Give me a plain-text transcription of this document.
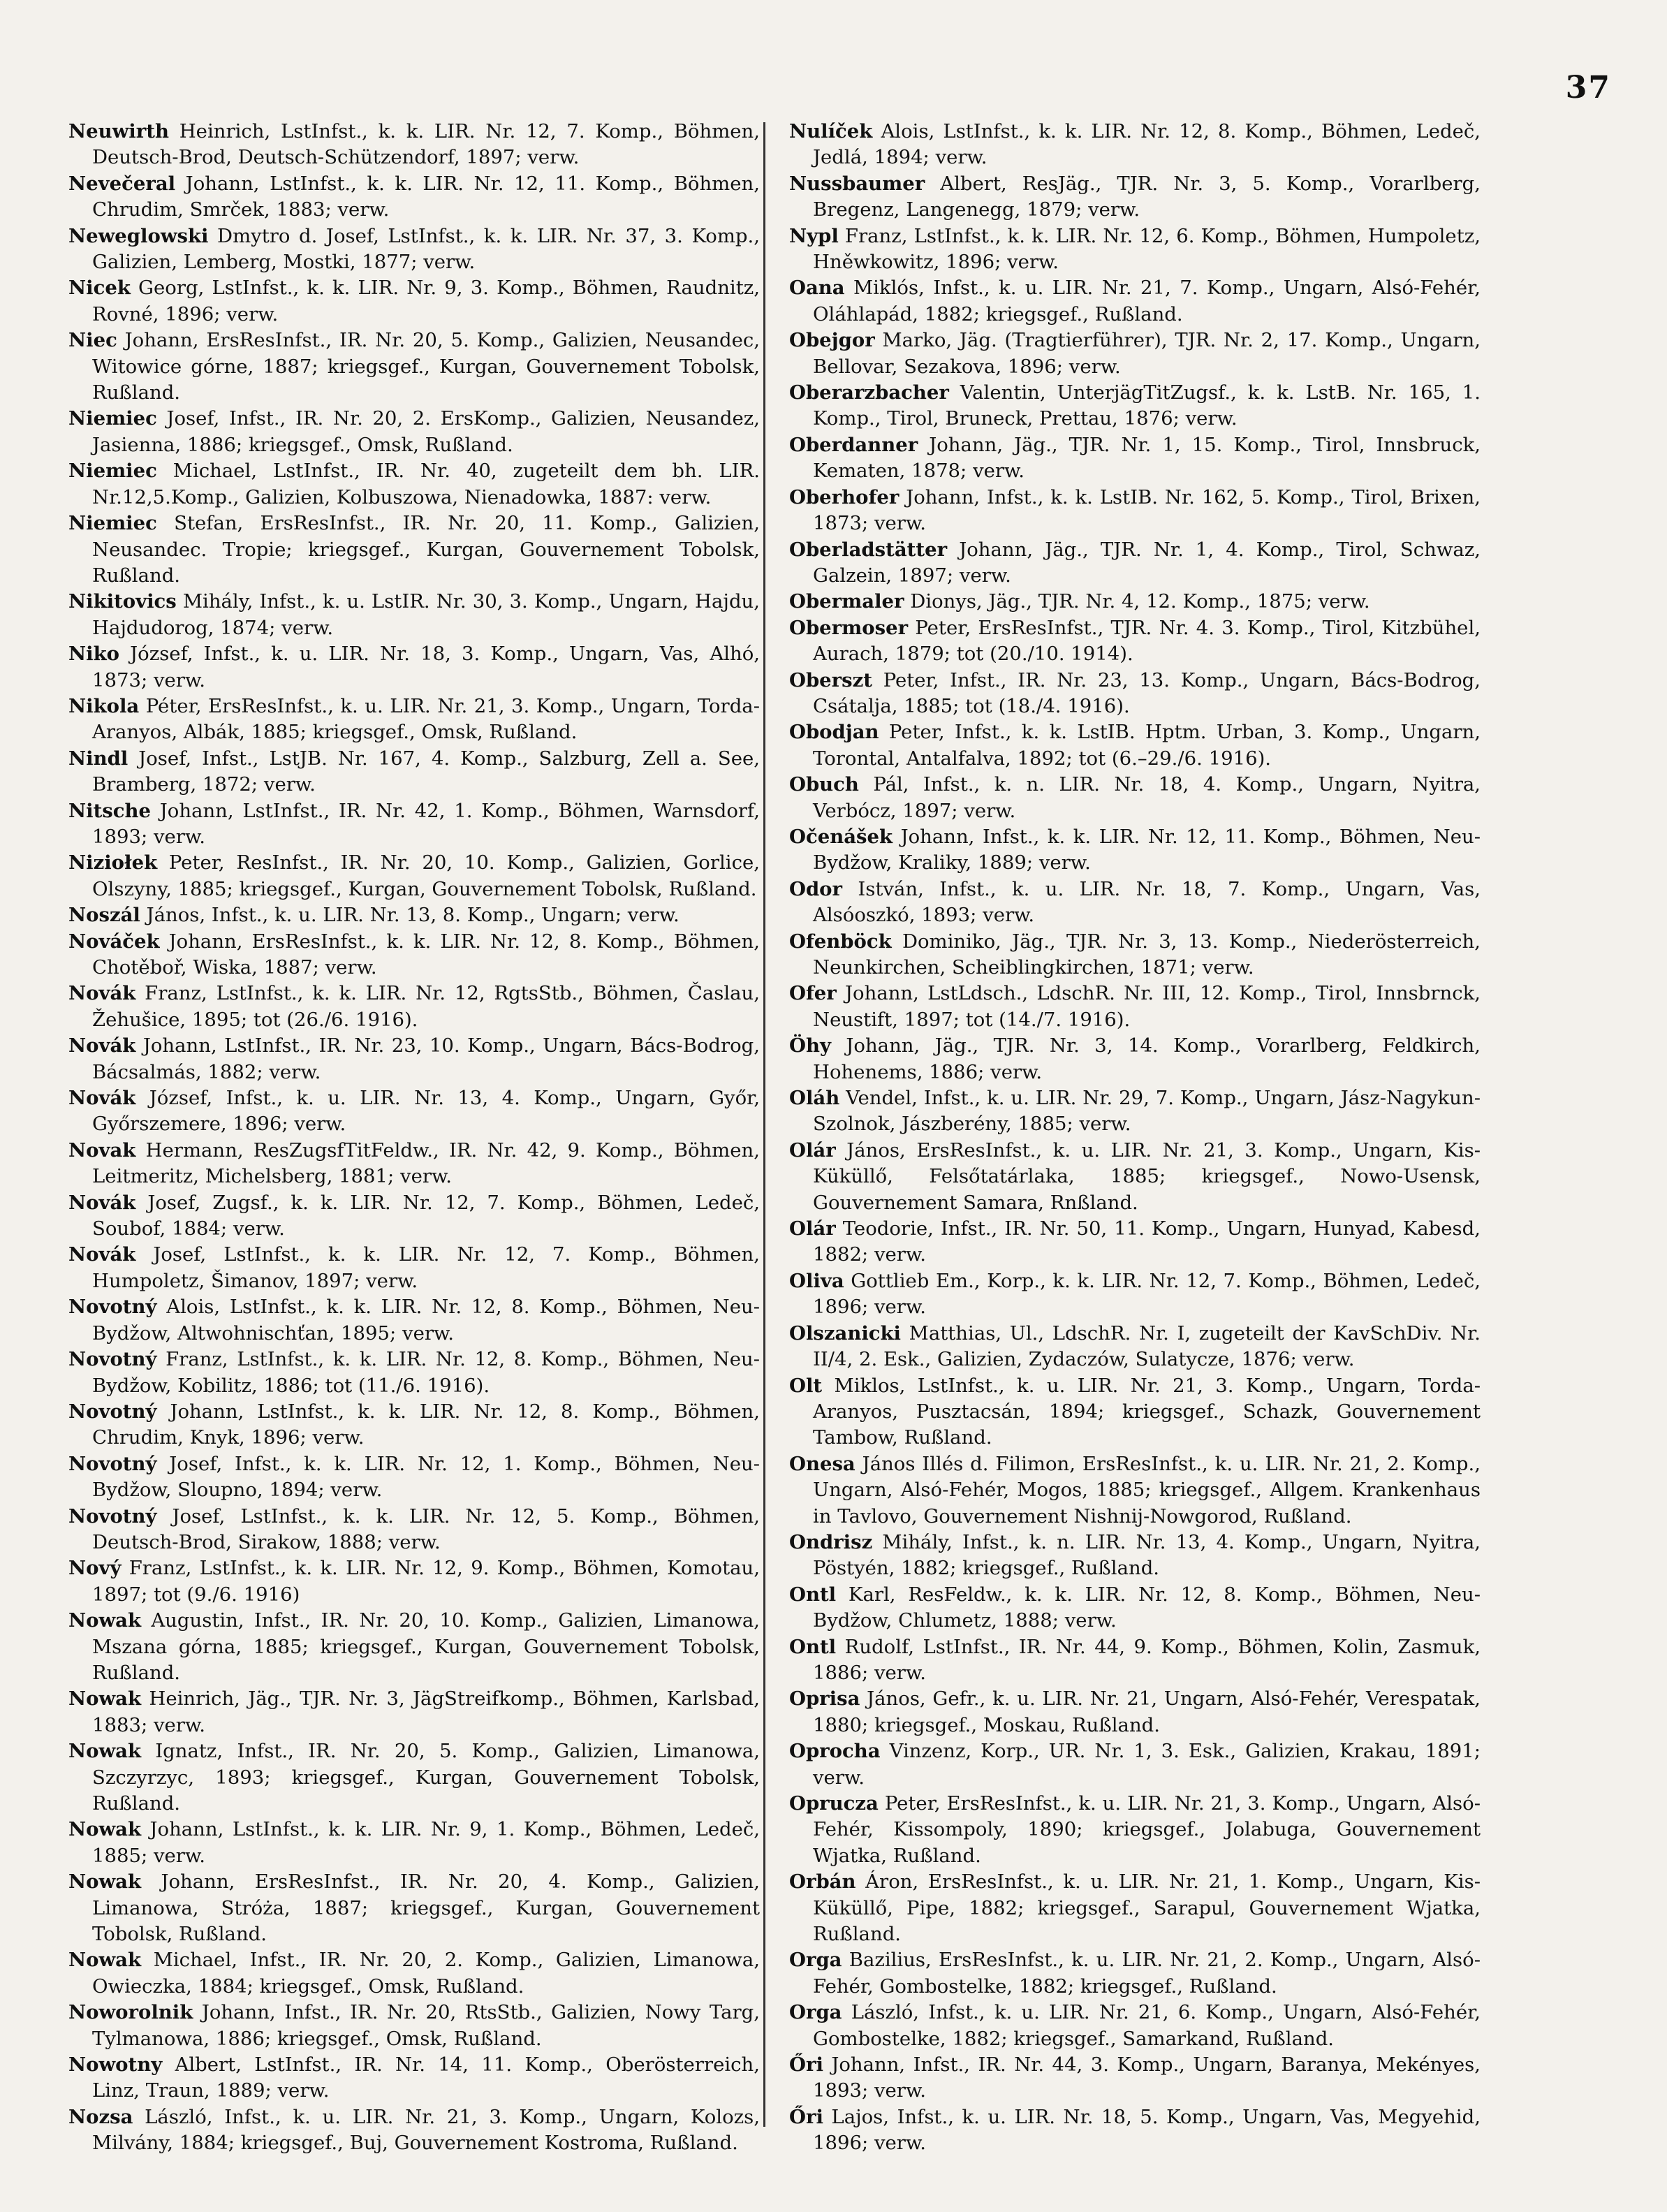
37

Neuwirth Heinrich, LstInfst., k. k. LIR. Nr. 12, 7. Komp., Böhmen, Deutsch-Brod, Deutsch-Schützendorf, 1897; verw.

Nevečeral Johann, LstInfst., k. k. LIR. Nr. 12, 11. Komp., Böhmen, Chrudim, Smrček, 1883; verw.

Neweglowski Dmytro d. Josef, LstInfst., k. k. LIR. Nr. 37, 3. Komp., Galizien, Lemberg, Mostki, 1877; verw.

Nicek Georg, LstInfst., k. k. LIR. Nr. 9, 3. Komp., Böhmen, Raudnitz, Rovné, 1896; verw.

Niec Johann, ErsResInfst., IR. Nr. 20, 5. Komp., Galizien, Neusandec, Witowice górne, 1887; kriegsgef., Kurgan, Gouvernement Tobolsk, Rußland.

Niemiec Josef, Infst., IR. Nr. 20, 2. ErsKomp., Galizien, Neusandez, Jasienna, 1886; kriegsgef., Omsk, Rußland.

Niemiec Michael, LstInfst., IR. Nr. 40, zugeteilt dem bh. LIR. Nr.12,5.Komp., Galizien, Kolbuszowa, Nienadowka, 1887: verw.

Niemiec Stefan, ErsResInfst., IR. Nr. 20, 11. Komp., Galizien, Neusandec. Tropie; kriegsgef., Kurgan, Gouvernement Tobolsk, Rußland.

Nikitovics Mihály, Infst., k. u. LstIR. Nr. 30, 3. Komp., Ungarn, Hajdu, Hajdudorog, 1874; verw.

Niko József, Infst., k. u. LIR. Nr. 18, 3. Komp., Ungarn, Vas, Alhó, 1873; verw.

Nikola Péter, ErsResInfst., k. u. LIR. Nr. 21, 3. Komp., Ungarn, Torda-Aranyos, Albák, 1885; kriegsgef., Omsk, Rußland.

Nindl Josef, Infst., LstJB. Nr. 167, 4. Komp., Salzburg, Zell a. See, Bramberg, 1872; verw.

Nitsche Johann, LstInfst., IR. Nr. 42, 1. Komp., Böhmen, Warnsdorf, 1893; verw.

Niziołek Peter, ResInfst., IR. Nr. 20, 10. Komp., Galizien, Gorlice, Olszyny, 1885; kriegsgef., Kurgan, Gouvernement Tobolsk, Rußland.

Noszál János, Infst., k. u. LIR. Nr. 13, 8. Komp., Ungarn; verw.

Nováček Johann, ErsResInfst., k. k. LIR. Nr. 12, 8. Komp., Böhmen, Chotěboř, Wiska, 1887; verw.

Novák Franz, LstInfst., k. k. LIR. Nr. 12, RgtsStb., Böhmen, Časlau, Žehušice, 1895; tot (26./6. 1916).

Novák Johann, LstInfst., IR. Nr. 23, 10. Komp., Ungarn, Bács-Bodrog, Bácsalmás, 1882; verw.

Novák József, Infst., k. u. LIR. Nr. 13, 4. Komp., Ungarn, Győr, Győrszemere, 1896; verw.

Novak Hermann, ResZugsfTitFeldw., IR. Nr. 42, 9. Komp., Böhmen, Leitmeritz, Michelsberg, 1881; verw.

Novák Josef, Zugsf., k. k. LIR. Nr. 12, 7. Komp., Böhmen, Ledeč, Soubof, 1884; verw.

Novák Josef, LstInfst., k. k. LIR. Nr. 12, 7. Komp., Böhmen, Humpoletz, Šimanov, 1897; verw.

Novotný Alois, LstInfst., k. k. LIR. Nr. 12, 8. Komp., Böhmen, Neu-Bydžow, Altwohnischťan, 1895; verw.

Novotný Franz, LstInfst., k. k. LIR. Nr. 12, 8. Komp., Böhmen, Neu-Bydžow, Kobilitz, 1886; tot (11./6. 1916).

Novotný Johann, LstInfst., k. k. LIR. Nr. 12, 8. Komp., Böhmen, Chrudim, Knyk, 1896; verw.

Novotný Josef, Infst., k. k. LIR. Nr. 12, 1. Komp., Böhmen, Neu-Bydžow, Sloupno, 1894; verw.

Novotný Josef, LstInfst., k. k. LIR. Nr. 12, 5. Komp., Böhmen, Deutsch-Brod, Sirakow, 1888; verw.

Nový Franz, LstInfst., k. k. LIR. Nr. 12, 9. Komp., Böhmen, Komotau, 1897; tot (9./6. 1916)

Nowak Augustin, Infst., IR. Nr. 20, 10. Komp., Galizien, Limanowa, Mszana górna, 1885; kriegsgef., Kurgan, Gouvernement Tobolsk, Rußland.

Nowak Heinrich, Jäg., TJR. Nr. 3, JägStreifkomp., Böhmen, Karlsbad, 1883; verw.

Nowak Ignatz, Infst., IR. Nr. 20, 5. Komp., Galizien, Limanowa, Szczyrzyc, 1893; kriegsgef., Kurgan, Gouvernement Tobolsk, Rußland.

Nowak Johann, LstInfst., k. k. LIR. Nr. 9, 1. Komp., Böhmen, Ledeč, 1885; verw.

Nowak Johann, ErsResInfst., IR. Nr. 20, 4. Komp., Galizien, Limanowa, Stróża, 1887; kriegsgef., Kurgan, Gouvernement Tobolsk, Rußland.

Nowak Michael, Infst., IR. Nr. 20, 2. Komp., Galizien, Limanowa, Owieczka, 1884; kriegsgef., Omsk, Rußland.

Noworolnik Johann, Infst., IR. Nr. 20, RtsStb., Galizien, Nowy Targ, Tylmanowa, 1886; kriegsgef., Omsk, Rußland.

Nowotny Albert, LstInfst., IR. Nr. 14, 11. Komp., Oberösterreich, Linz, Traun, 1889; verw.

Nozsa László, Infst., k. u. LIR. Nr. 21, 3. Komp., Ungarn, Kolozs, Milvány, 1884; kriegsgef., Buj, Gouvernement Kostroma, Rußland.

Nulíček Alois, LstInfst., k. k. LIR. Nr. 12, 8. Komp., Böhmen, Ledeč, Jedlá, 1894; verw.

Nussbaumer Albert, ResJäg., TJR. Nr. 3, 5. Komp., Vorarlberg, Bregenz, Langenegg, 1879; verw.

Nypl Franz, LstInfst., k. k. LIR. Nr. 12, 6. Komp., Böhmen, Humpoletz, Hněwkowitz, 1896; verw.

Oana Miklós, Infst., k. u. LIR. Nr. 21, 7. Komp., Ungarn, Alsó-Fehér, Oláhlapád, 1882; kriegsgef., Rußland.

Obejgor Marko, Jäg. (Tragtierführer), TJR. Nr. 2, 17. Komp., Ungarn, Bellovar, Sezakova, 1896; verw.

Oberarzbacher Valentin, UnterjägTitZugsf., k. k. LstB. Nr. 165, 1. Komp., Tirol, Bruneck, Prettau, 1876; verw.

Oberdanner Johann, Jäg., TJR. Nr. 1, 15. Komp., Tirol, Innsbruck, Kematen, 1878; verw.

Oberhofer Johann, Infst., k. k. LstIB. Nr. 162, 5. Komp., Tirol, Brixen, 1873; verw.

Oberladstätter Johann, Jäg., TJR. Nr. 1, 4. Komp., Tirol, Schwaz, Galzein, 1897; verw.

Obermaler Dionys, Jäg., TJR. Nr. 4, 12. Komp., 1875; verw.

Obermoser Peter, ErsResInfst., TJR. Nr. 4. 3. Komp., Tirol, Kitzbühel, Aurach, 1879; tot (20./10. 1914).

Oberszt Peter, Infst., IR. Nr. 23, 13. Komp., Ungarn, Bács-Bodrog, Csátalja, 1885; tot (18./4. 1916).

Obodjan Peter, Infst., k. k. LstIB. Hptm. Urban, 3. Komp., Ungarn, Torontal, Antalfalva, 1892; tot (6.–29./6. 1916).

Obuch Pál, Infst., k. n. LIR. Nr. 18, 4. Komp., Ungarn, Nyitra, Verbócz, 1897; verw.

Očenášek Johann, Infst., k. k. LIR. Nr. 12, 11. Komp., Böhmen, Neu-Bydžow, Kraliky, 1889; verw.

Odor István, Infst., k. u. LIR. Nr. 18, 7. Komp., Ungarn, Vas, Alsóoszkó, 1893; verw.

Ofenböck Dominiko, Jäg., TJR. Nr. 3, 13. Komp., Niederösterreich, Neunkirchen, Scheiblingkirchen, 1871; verw.

Ofer Johann, LstLdsch., LdschR. Nr. III, 12. Komp., Tirol, Innsbrnck, Neustift, 1897; tot (14./7. 1916).

Öhy Johann, Jäg., TJR. Nr. 3, 14. Komp., Vorarlberg, Feldkirch, Hohenems, 1886; verw.

Oláh Vendel, Infst., k. u. LIR. Nr. 29, 7. Komp., Ungarn, Jász-Nagykun-Szolnok, Jászberény, 1885; verw.

Olár János, ErsResInfst., k. u. LIR. Nr. 21, 3. Komp., Ungarn, Kis-Küküllő, Felsőtatárlaka, 1885; kriegsgef., Nowo-Usensk, Gouvernement Samara, Rnßland.

Olár Teodorie, Infst., IR. Nr. 50, 11. Komp., Ungarn, Hunyad, Kabesd, 1882; verw.

Oliva Gottlieb Em., Korp., k. k. LIR. Nr. 12, 7. Komp., Böhmen, Ledeč, 1896; verw.

Olszanicki Matthias, Ul., LdschR. Nr. I, zugeteilt der KavSchDiv. Nr. II/4, 2. Esk., Galizien, Zydaczów, Sulatycze, 1876; verw.

Olt Miklos, LstInfst., k. u. LIR. Nr. 21, 3. Komp., Ungarn, Torda-Aranyos, Pusztacsán, 1894; kriegsgef., Schazk, Gouvernement Tambow, Rußland.

Onesa János Illés d. Filimon, ErsResInfst., k. u. LIR. Nr. 21, 2. Komp., Ungarn, Alsó-Fehér, Mogos, 1885; kriegsgef., Allgem. Krankenhaus in Tavlovo, Gouvernement Nishnij-Nowgorod, Rußland.

Ondrisz Mihály, Infst., k. n. LIR. Nr. 13, 4. Komp., Ungarn, Nyitra, Pöstyén, 1882; kriegsgef., Rußland.

Ontl Karl, ResFeldw., k. k. LIR. Nr. 12, 8. Komp., Böhmen, Neu-Bydžow, Chlumetz, 1888; verw.

Ontl Rudolf, LstInfst., IR. Nr. 44, 9. Komp., Böhmen, Kolin, Zasmuk, 1886; verw.

Oprisa János, Gefr., k. u. LIR. Nr. 21, Ungarn, Alsó-Fehér, Verespatak, 1880; kriegsgef., Moskau, Rußland.

Oprocha Vinzenz, Korp., UR. Nr. 1, 3. Esk., Galizien, Krakau, 1891; verw.

Oprucza Peter, ErsResInfst., k. u. LIR. Nr. 21, 3. Komp., Ungarn, Alsó-Fehér, Kissompoly, 1890; kriegsgef., Jolabuga, Gouvernement Wjatka, Rußland.

Orbán Áron, ErsResInfst., k. u. LIR. Nr. 21, 1. Komp., Ungarn, Kis-Küküllő, Pipe, 1882; kriegsgef., Sarapul, Gouvernement Wjatka, Rußland.

Orga Bazilius, ErsResInfst., k. u. LIR. Nr. 21, 2. Komp., Ungarn, Alsó-Fehér, Gombostelke, 1882; kriegsgef., Rußland.

Orga László, Infst., k. u. LIR. Nr. 21, 6. Komp., Ungarn, Alsó-Fehér, Gombostelke, 1882; kriegsgef., Samarkand, Rußland.

Őri Johann, Infst., IR. Nr. 44, 3. Komp., Ungarn, Baranya, Mekényes, 1893; verw.

Őri Lajos, Infst., k. u. LIR. Nr. 18, 5. Komp., Ungarn, Vas, Megyehid, 1896; verw.
